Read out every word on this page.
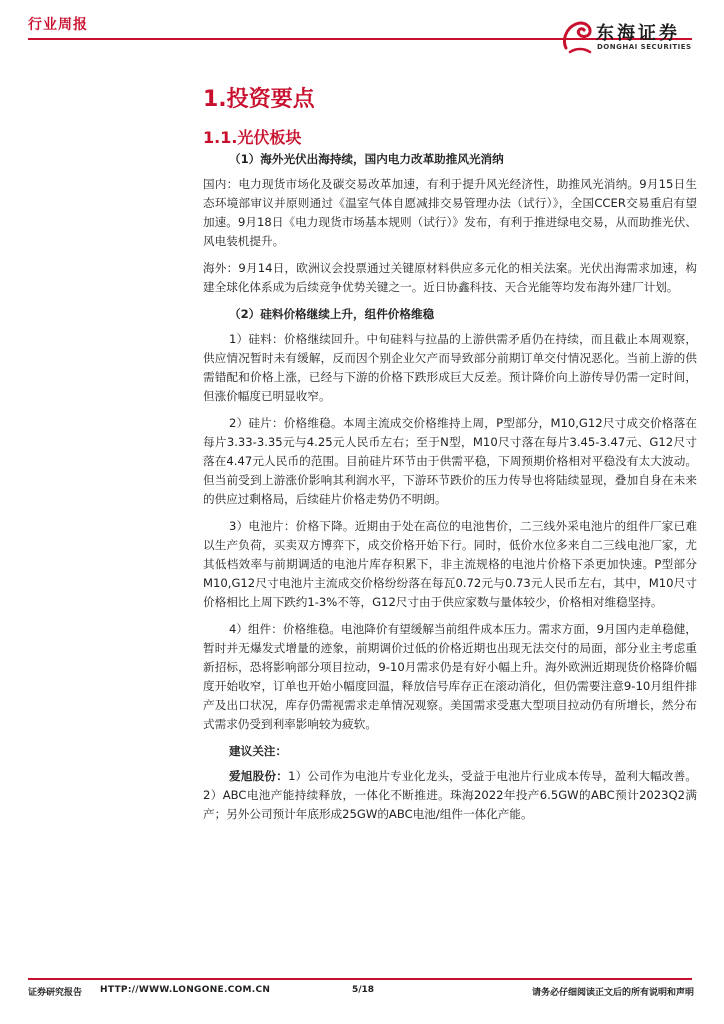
行业周报	东海证券
DONGHAI SECURITIES
1.投资要点
1.1.光伏板块

（1）海外光伏出海持续，国内电力改革助推风光消纳

国内：电力现货市场化及碳交易改革加速，有利于提升风光经济性，助推风光消纳。9月15日生态环境部审议并原则通过《温室气体自愿减排交易管理办法（试行）》，全国CCER交易重启有望加速。9月18日《电力现货市场基本规则（试行）》发布，有利于推进绿电交易，从而助推光伏、风电装机提升。

海外：9月14日，欧洲议会投票通过关键原材料供应多元化的相关法案。光伏出海需求加速，构建全球化体系成为后续竞争优势关键之一。近日协鑫科技、天合光能等均发布海外建厂计划。

（2）硅料价格继续上升，组件价格维稳

1）硅料：价格继续回升。中旬硅料与拉晶的上游供需矛盾仍在持续，而且截止本周观察，供应情况暂时未有缓解，反而因个别企业欠产而导致部分前期订单交付情况恶化。当前上游的供需错配和价格上涨，已经与下游的价格下跌形成巨大反差。预计降价向上游传导仍需一定时间，但涨价幅度已明显收窄。

2）硅片：价格维稳。本周主流成交价格维持上周，P型部分，M10,G12尺寸成交价格落在每片3.33-3.35元与4.25元人民币左右；至于N型，M10尺寸落在每片3.45-3.47元、G12尺寸落在4.47元人民币的范围。目前硅片环节由于供需平稳，下周预期价格相对平稳没有太大波动。但当前受到上游涨价影响其利润水平，下游环节跌价的压力传导也将陆续显现，叠加自身在未来的供应过剩格局，后续硅片价格走势仍不明朗。

3）电池片：价格下降。近期由于处在高位的电池售价，二三线外采电池片的组件厂家已难以生产负荷，买卖双方博弈下，成交价格开始下行。同时，低价水位多来自二三线电池厂家，尤其低档效率与前期调适的电池片库存积累下，非主流规格的电池片价格下杀更加快速。P型部分M10,G12尺寸电池片主流成交价格纷纷落在每瓦0.72元与0.73元人民币左右，其中，M10尺寸价格相比上周下跌约1-3%不等，G12尺寸由于供应家数与量体较少，价格相对维稳坚持。

4）组件：价格维稳。电池降价有望缓解当前组件成本压力。需求方面，9月国内走单稳健，暂时并无爆发式增量的迹象，前期调价过低的价格近期也出现无法交付的局面，部分业主考虑重新招标，恐将影响部分项目拉动，9-10月需求仍是有好小幅上升。海外欧洲近期现货价格降价幅度开始收窄，订单也开始小幅度回温，释放信号库存正在滚动消化，但仍需要注意9-10月组件排产及出口状况，库存仍需视需求走单情况观察。美国需求受惠大型项目拉动仍有所增长，然分布式需求仍受到利率影响较为疲软。

建议关注：

爱旭股份：1）公司作为电池片专业化龙头，受益于电池片行业成本传导，盈利大幅改善。2）ABC电池产能持续释放，一体化不断推进。珠海2022年投产6.5GW的ABC预计2023Q2满产；另外公司预计年底形成25GW的ABC电池/组件一体化产能。

证券研究报告 HTTP://WWW.LONGONE.COM.CN	5/18	请务必仔细阅读正文后的所有说明和声明
